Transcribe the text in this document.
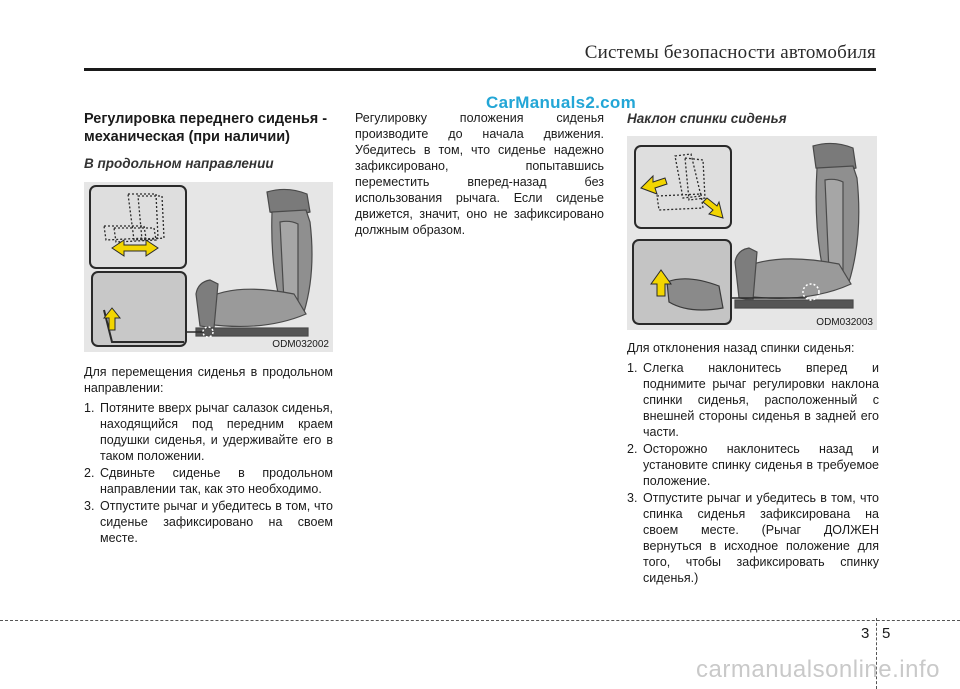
Системы безопасности автомобиля
CarManuals2.com
Регулировка переднего сиденья - механическая (при наличии)
В продольном направлении
ODM032002

Для перемещения сиденья в продольном направлении:

1. Потяните вверх рычаг салазок сиденья, находящийся под передним краем подушки сиденья, и удерживайте его в таком положении.
2. Сдвиньте сиденье в продольном направлении так, как это необходимо.
3. Отпустите рычаг и убедитесь в том, что сиденье зафиксировано на своем месте.

Регулировку положения сиденья производите до начала движения. Убедитесь в том, что сиденье надежно зафиксировано, попытавшись переместить вперед-назад без использования рычага. Если сиденье движется, значит, оно не зафиксировано должным образом.

Наклон спинки сиденья
ODM032003

Для отклонения назад спинки сиденья:

1. Слегка наклонитесь вперед и поднимите рычаг регулировки наклона спинки сиденья, расположенный с внешней стороны сиденья в задней его части.
2. Осторожно наклонитесь назад и установите спинку сиденья в требуемое положение.
3. Отпустите рычаг и убедитесь в том, что спинка сиденья зафиксирована на своем месте. (Рычаг ДОЛЖЕН вернуться в исходное положение для того, чтобы зафиксировать спинку сиденья.)
3 5
carmanualsonline.info
